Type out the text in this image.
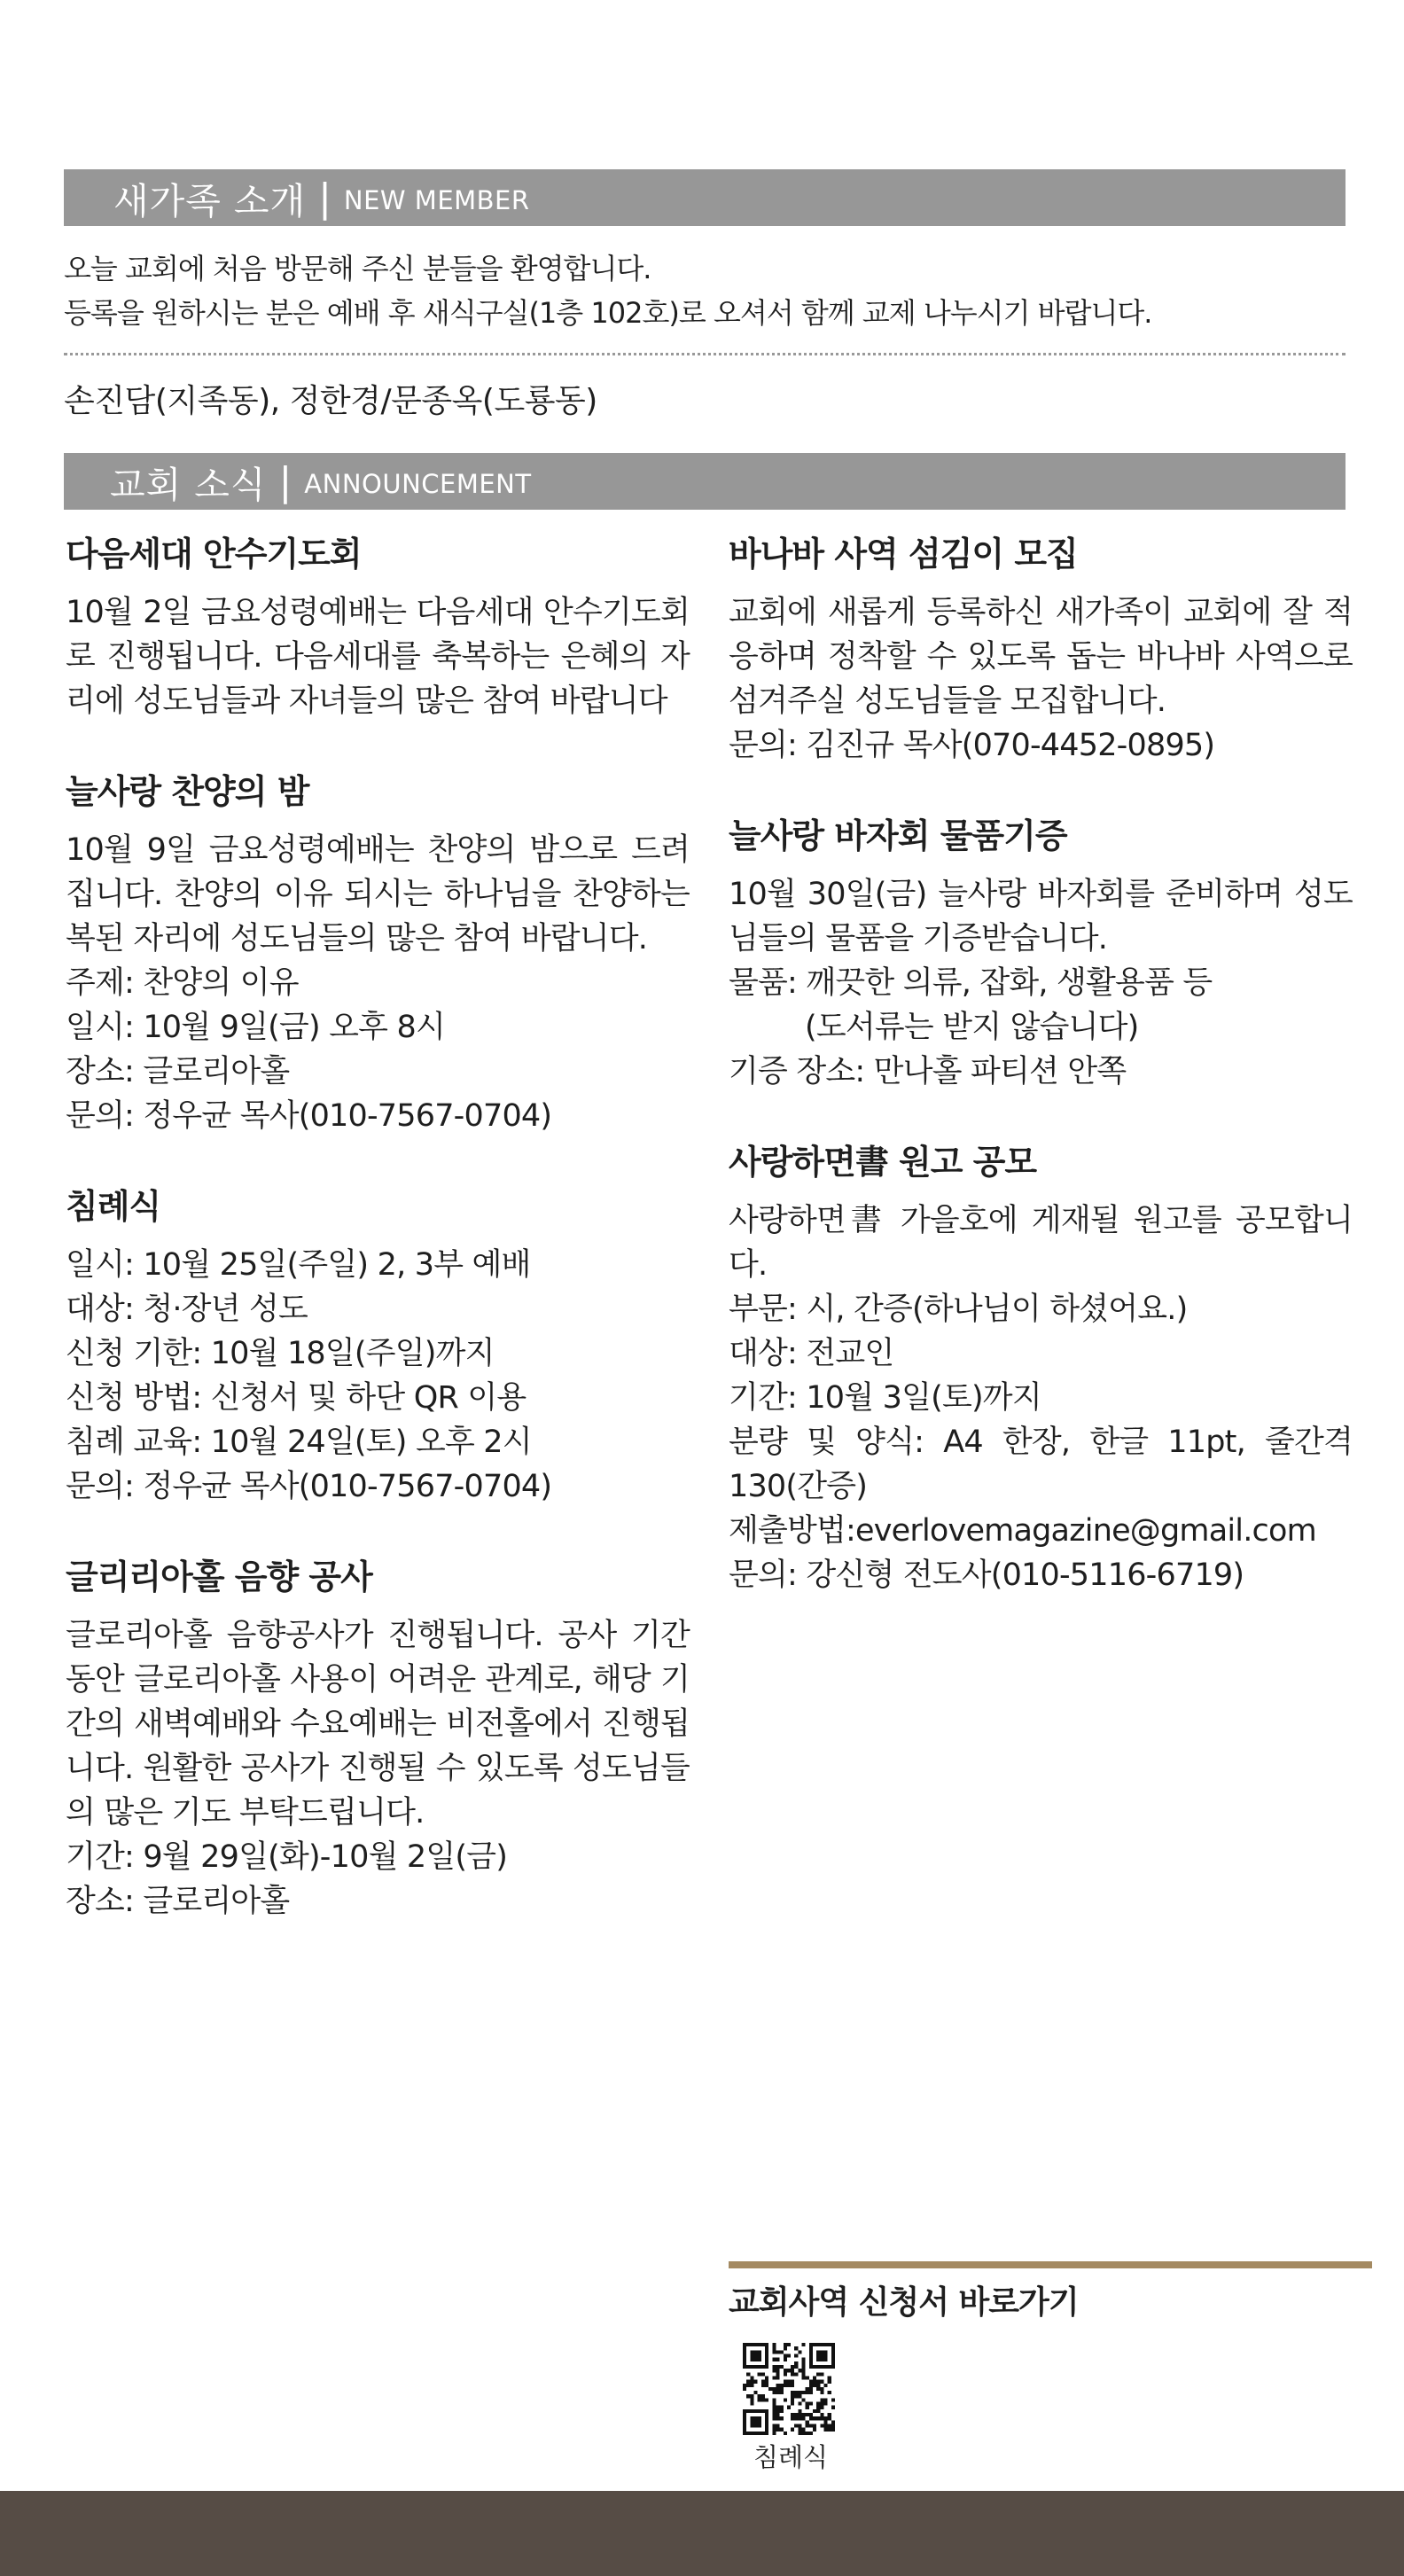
새가족 소개 | NEW MEMBER
오늘 교회에 처음 방문해 주신 분들을 환영합니다.
등록을 원하시는 분은 예배 후 새식구실(1층 102호)로 오셔서 함께 교제 나누시기 바랍니다.
손진담(지족동), 정한경/문종옥(도룡동)
교회 소식 | ANNOUNCEMENT
다음세대 안수기도회

10월 2일 금요성령예배는 다음세대 안수기도회로 진행됩니다. 다음세대를 축복하는 은혜의 자리에 성도님들과 자녀들의 많은 참여 바랍니다

늘사랑 찬양의 밤

10월 9일 금요성령예배는 찬양의 밤으로 드려집니다. 찬양의 이유 되시는 하나님을 찬양하는 복된 자리에 성도님들의 많은 참여 바랍니다.

주제: 찬양의 이유
일시: 10월 9일(금) 오후 8시
장소: 글로리아홀
문의: 정우균 목사(010-7567-0704)
침례식
일시: 10월 25일(주일) 2, 3부 예배
대상: 청·장년 성도
신청 기한: 10월 18일(주일)까지
신청 방법: 신청서 및 하단 QR 이용
침례 교육: 10월 24일(토) 오후 2시
문의: 정우균 목사(010-7567-0704)
글리리아홀 음향 공사

글로리아홀 음향공사가 진행됩니다. 공사 기간 동안 글로리아홀 사용이 어려운 관계로, 해당 기간의 새벽예배와 수요예배는 비전홀에서 진행됩니다. 원활한 공사가 진행될 수 있도록 성도님들의 많은 기도 부탁드립니다.

기간: 9월 29일(화)-10월 2일(금)
장소: 글로리아홀
바나바 사역 섬김이 모집

교회에 새롭게 등록하신 새가족이 교회에 잘 적응하며 정착할 수 있도록 돕는 바나바 사역으로 섬겨주실 성도님들을 모집합니다.

문의: 김진규 목사(070-4452-0895)
늘사랑 바자회 물품기증

10월 30일(금) 늘사랑 바자회를 준비하며 성도님들의 물품을 기증받습니다.

물품: 깨끗한 의류, 잡화, 생활용품 등
(도서류는 받지 않습니다)
기증 장소: 만나홀 파티션 안쪽
사랑하면書 원고 공모

사랑하면書 가을호에 게재될 원고를 공모합니다.

부문: 시, 간증(하나님이 하셨어요.)
대상: 전교인
기간: 10월 3일(토)까지

분량 및 양식: A4 한장, 한글 11pt, 줄간격 130(간증)

제출방법:everlovemagazine@gmail.com
문의: 강신형 전도사(010-5116-6719)
교회사역 신청서 바로가기
침례식
